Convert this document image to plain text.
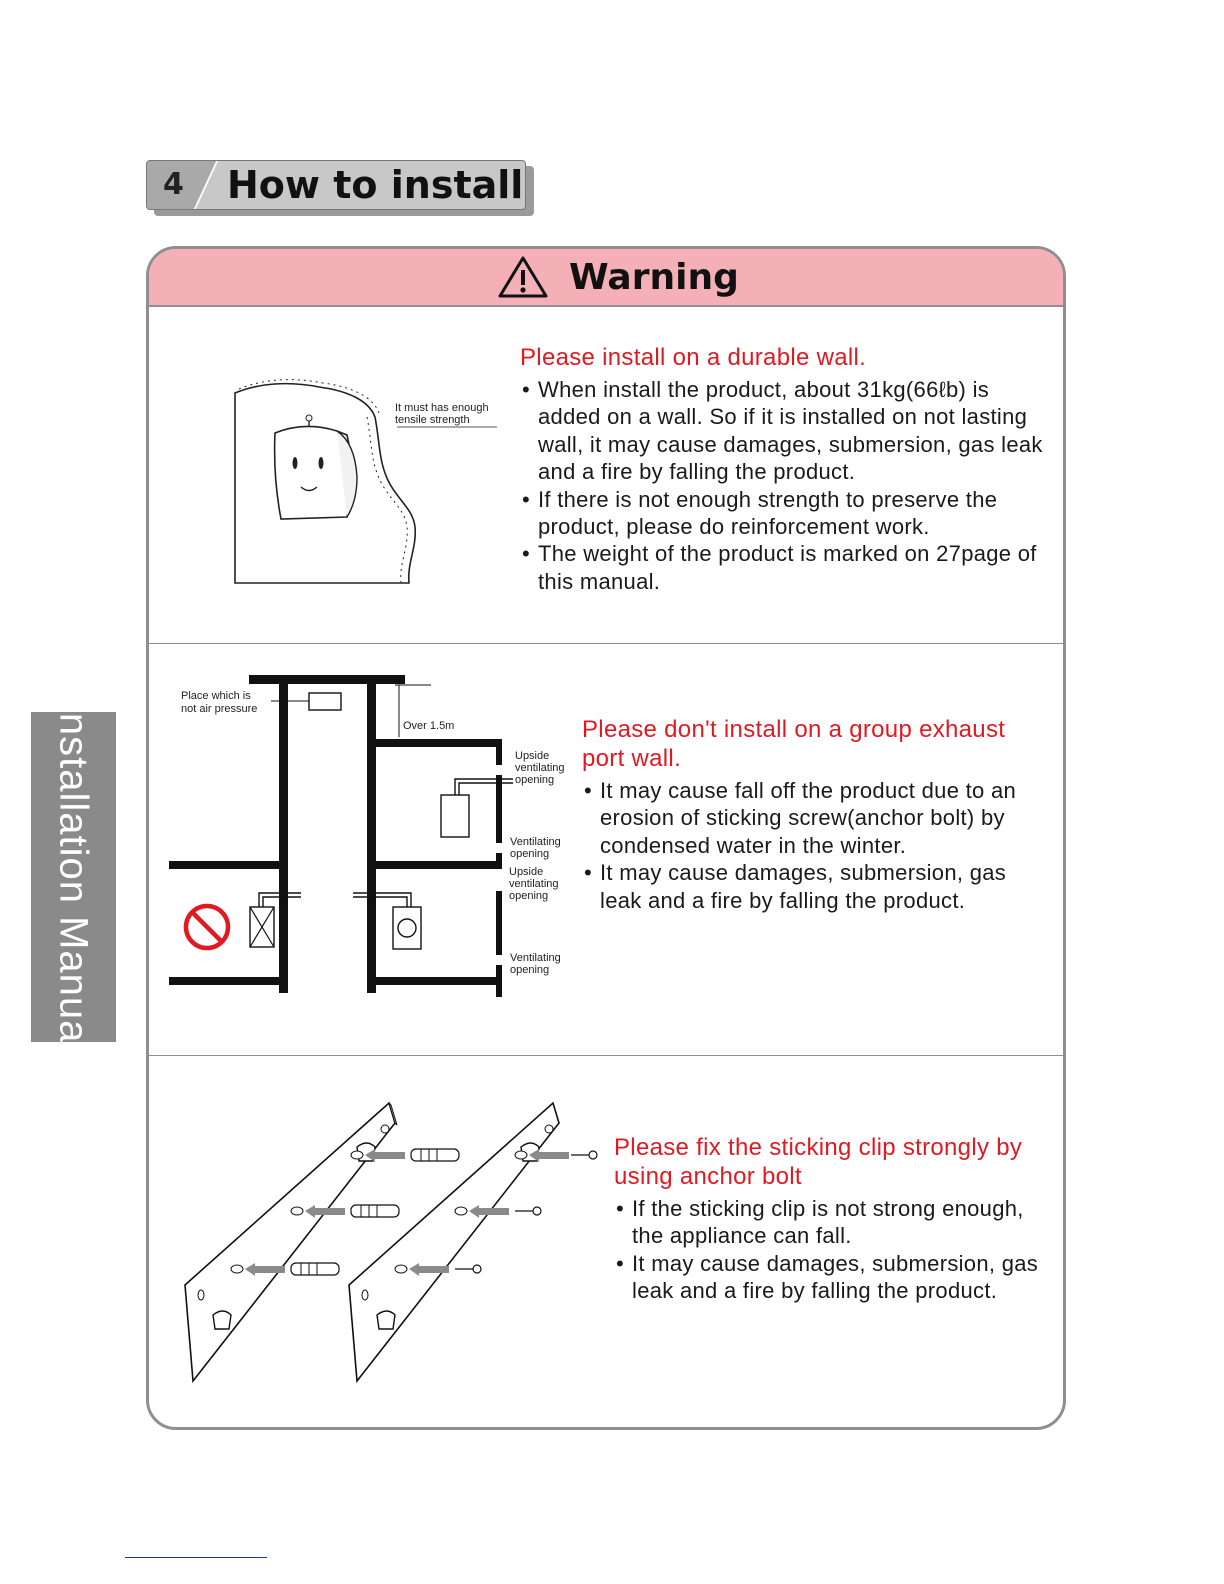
4 How to install
Installation Manual
Warning
It must has enough
tensile strength

Please install on a durable wall.

• When install the product, about 31kg(66ℓb) is added on a wall. So if it is installed on not lasting wall, it may cause damages, submersion, gas leak and a fire by falling the product.
• If there is not enough strength to preserve the product, please do reinforcement work.
• The weight of the product is marked on 27page of this manual.
Place which is
not air pressure
Over 1.5m
Upside
ventilating
opening
Ventilating
opening
Upside
ventilating
opening
Ventilating
opening

Please don't install on a group exhaust port wall.

• It may cause fall off the product due to an erosion of sticking screw(anchor bolt) by condensed water in the winter.
• It may cause damages, submersion, gas leak and a fire by falling the product.

Please fix the sticking clip strongly by using anchor bolt

• If the sticking clip is not strong enough, the appliance can fall.
• It may cause damages, submersion, gas leak and a fire by falling the product.
